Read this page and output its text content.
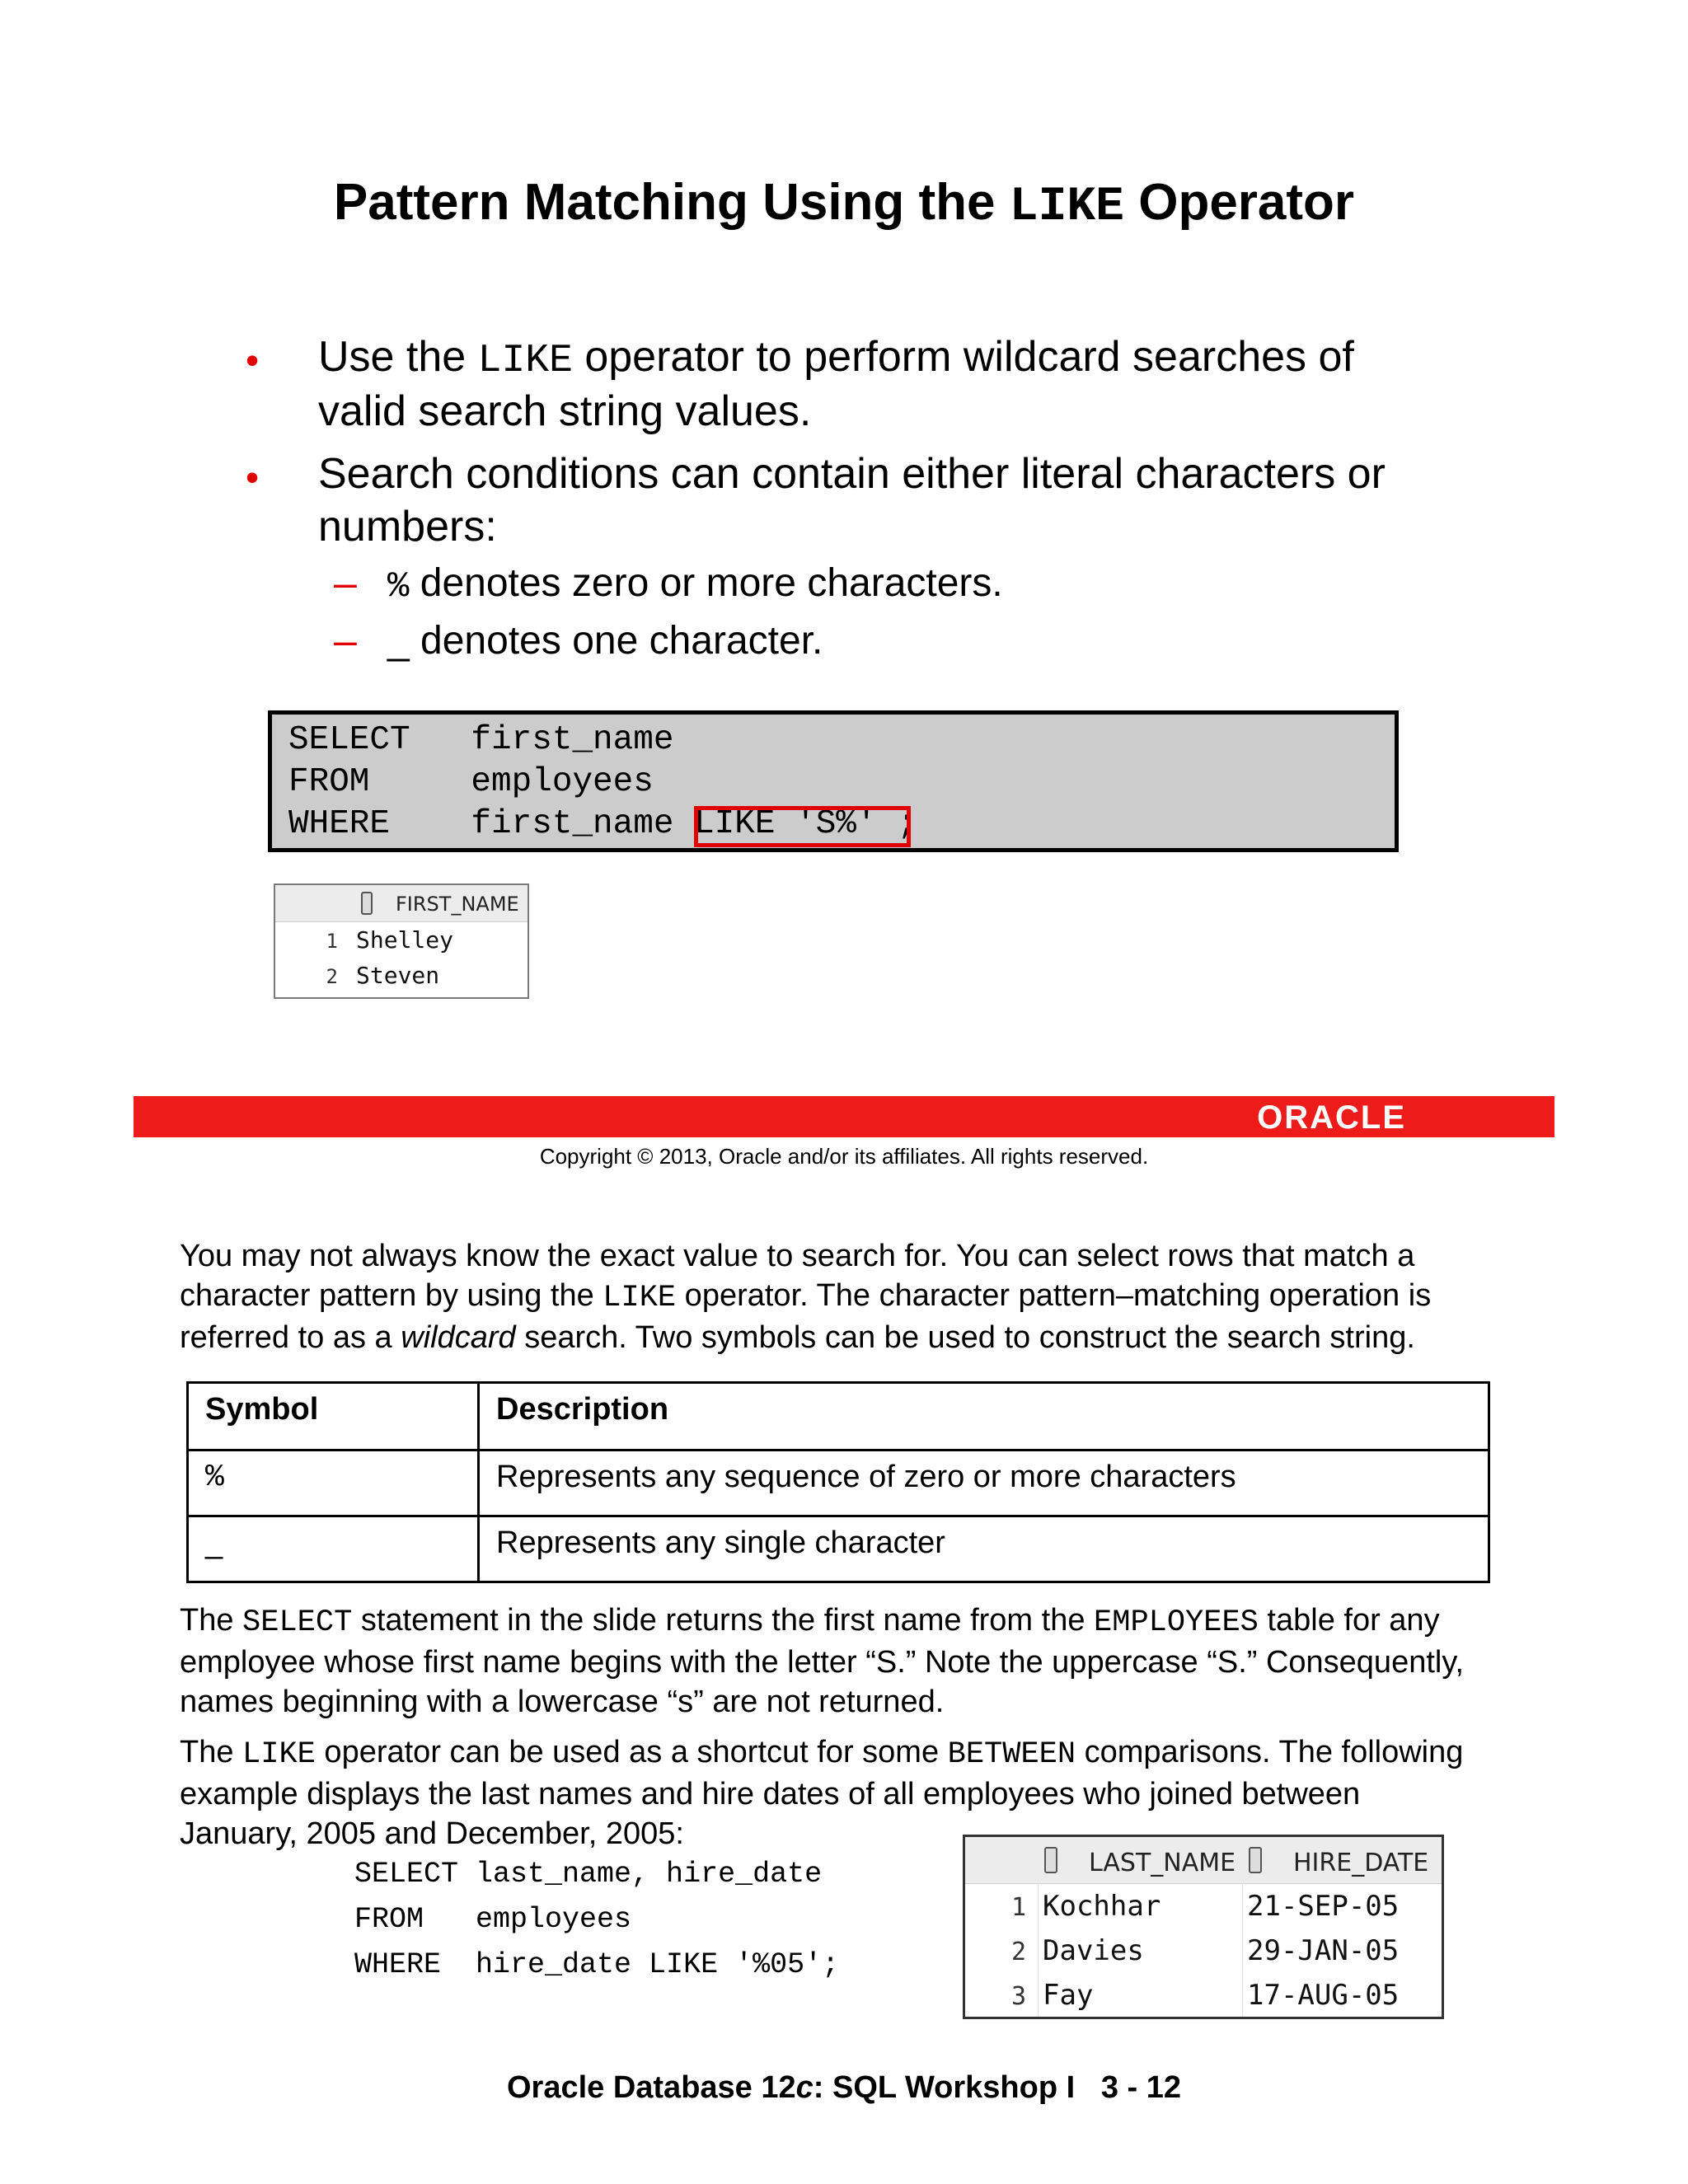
Pattern Matching Using the LIKE Operator
• Use the LIKE operator to perform wildcard searches of
valid search string values.
• Search conditions can contain either literal characters or
numbers:
– % denotes zero or more characters.
– _ denotes one character.
SELECT   first_name
FROM     employees
WHERE    first_name LIKE 'S%' ;
FIRST_NAME
1 Shelley
2 Steven
ORACLE
Copyright © 2013, Oracle and/or its affiliates. All rights reserved.
You may not always know the exact value to search for. You can select rows that match a
character pattern by using the LIKE operator. The character pattern–matching operation is
referred to as a wildcard search. Two symbols can be used to construct the search string.
Symbol	Description
%	Represents any sequence of zero or more characters
_	Represents any single character
The SELECT statement in the slide returns the first name from the EMPLOYEES table for any
employee whose first name begins with the letter “S.” Note the uppercase “S.” Consequently,
names beginning with a lowercase “s” are not returned.
The LIKE operator can be used as a shortcut for some BETWEEN comparisons. The following
example displays the last names and hire dates of all employees who joined between
January, 2005 and December, 2005:
SELECT last_name, hire_date
FROM   employees
WHERE  hire_date LIKE '%05';
LAST_NAME HIRE_DATE
1 Kochhar	21-SEP-05
2 Davies	29-JAN-05
3 Fay	17-AUG-05
Oracle Database 12c: SQL Workshop I   3 - 12
